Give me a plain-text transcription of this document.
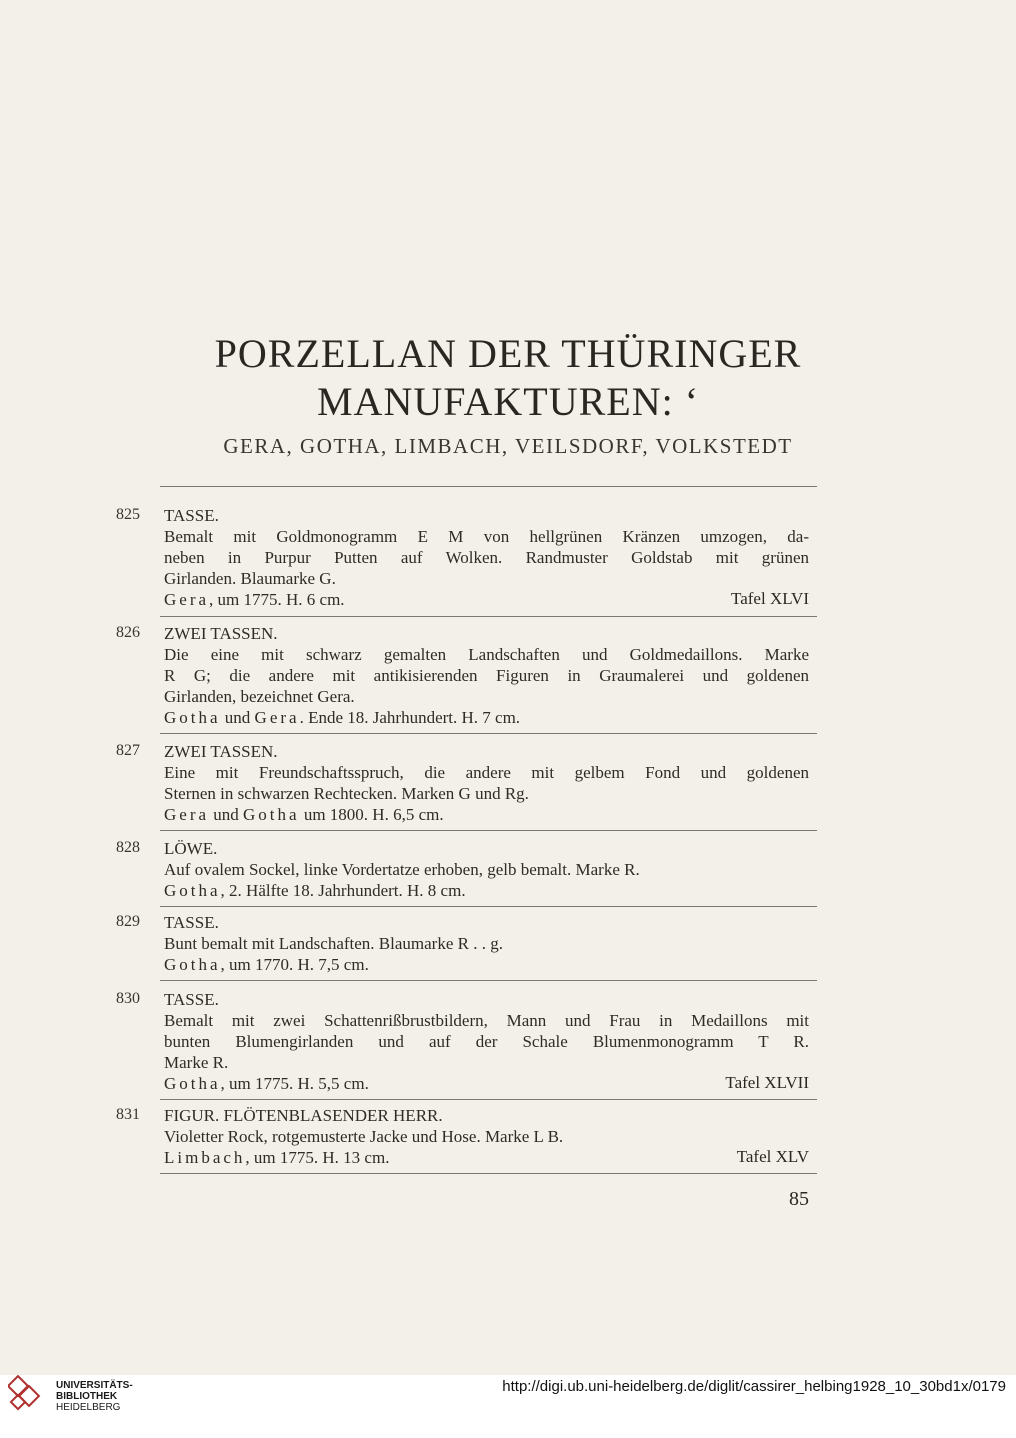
PORZELLAN DER THÜRINGER
MANUFAKTUREN: ‘
GERA, GOTHA, LIMBACH, VEILSDORF, VOLKSTEDT
825	TASSE.
Bemalt mit Goldmonogramm E M von hellgrünen Kränzen umzogen, da-
neben in Purpur Putten auf Wolken. Randmuster Goldstab mit grünen
Girlanden. Blaumarke G.
Gera, um 1775. H. 6 cm.	Tafel XLVI
826	ZWEI TASSEN.
Die eine mit schwarz gemalten Landschaften und Goldmedaillons. Marke
R G; die andere mit antikisierenden Figuren in Graumalerei und goldenen
Girlanden, bezeichnet Gera.
Gotha und Gera. Ende 18. Jahrhundert. H. 7 cm.
827	ZWEI TASSEN.
Eine mit Freundschaftsspruch, die andere mit gelbem Fond und goldenen
Sternen in schwarzen Rechtecken. Marken G und Rg.
Gera und Gotha um 1800. H. 6,5 cm.
828	LÖWE.
Auf ovalem Sockel, linke Vordertatze erhoben, gelb bemalt. Marke R.
Gotha, 2. Hälfte 18. Jahrhundert. H. 8 cm.
829	TASSE.
Bunt bemalt mit Landschaften. Blaumarke R . . g.
Gotha, um 1770. H. 7,5 cm.
830	TASSE.
Bemalt mit zwei Schattenrißbrustbildern, Mann und Frau in Medaillons mit
bunten Blumengirlanden und auf der Schale Blumenmonogramm T R.
Marke R.
Gotha, um 1775. H. 5,5 cm.	Tafel XLVII
831	FIGUR. FLÖTENBLASENDER HERR.
Violetter Rock, rotgemusterte Jacke und Hose. Marke L B.
Limbach, um 1775. H. 13 cm.	Tafel XLV
85
UNIVERSITÄTS-
BIBLIOTHEK
HEIDELBERG
http://digi.ub.uni-heidelberg.de/diglit/cassirer_helbing1928_10_30bd1x/0179
